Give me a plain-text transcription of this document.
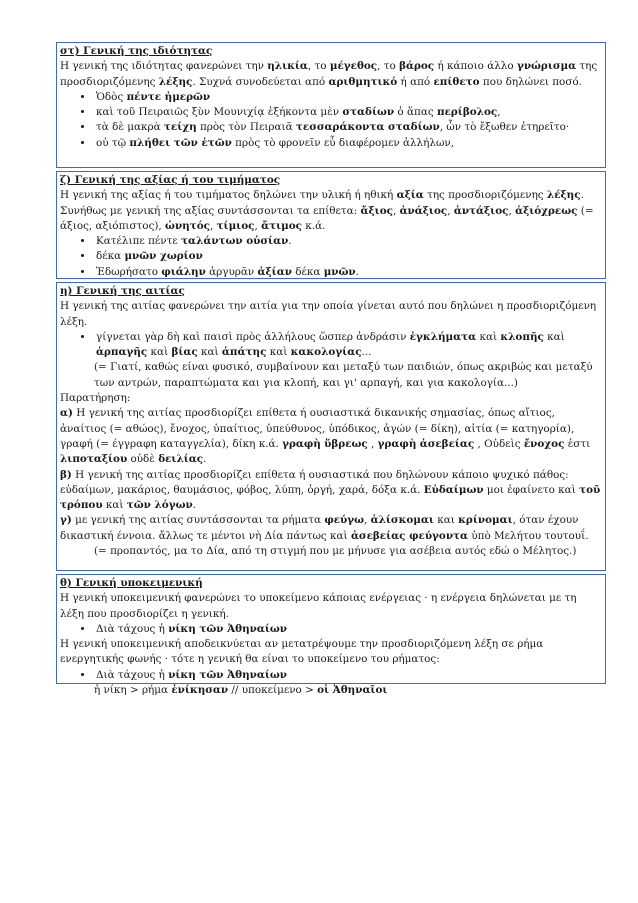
στ) Γενική της ιδιότητας

Η γενική της ιδιότητας φανερώνει την ηλικία, το μέγεθος, το βάρος ή κάποιο άλλο γνώρισμα της προσδιοριζόμενης λέξης. Συχνά συνοδεύεται από αριθμητικό ή από επίθετο που δηλώνει ποσό.

• Ὁδὸς πέντε ἡμερῶν
• καὶ τοῦ Πειραιῶς ξὺν Μουνιχίᾳ ἑξήκοντα μὲν σταδίων ὁ ἅπας περίβολος,
• τὰ δὲ μακρὰ τείχη πρὸς τὸν Πειραιᾶ τεσσαράκοντα σταδίων, ὧν τὸ ἔξωθεν ἐτηρεῖτο·
• οὐ τῷ πλήθει τῶν ἐτῶν πρὸς τὸ φρονεῖν εὖ διαφέρομεν ἀλλήλων,
ζ) Γενική της αξίας ή του τιμήματος

Η γενική της αξίας ή του τιμήματος δηλώνει την υλική ή ηθική αξία της προσδιοριζόμενης λέξης. Συνήθως με γενική της αξίας συντάσσονται τα επίθετα: ἄξιος, ἀνάξιος, ἀντάξιος, ἀξιόχρεως (= άξιος, αξιόπιστος), ὠνητός, τίμιος, ἄτιμος κ.ά.

• Κατέλιπε πέντε ταλάντων οὐσίαν.
• δέκα μνῶν χωρίον
• Ἐδωρήσατο φιάλην ἀργυρᾶν ἀξίαν δέκα μνῶν.
η) Γενική της αιτίας

Η γενική της αιτίας φανερώνει την αιτία για την οποία γίνεται αυτό που δηλώνει η προσδιοριζόμενη λέξη.

• γίγνεται γὰρ δὴ καὶ παισὶ πρὸς ἀλλήλους ὥσπερ ἀνδράσιν ἐγκλήματα καὶ κλοπῆς καὶ ἁρπαγῆς καὶ βίας καὶ ἀπάτης καὶ κακολογίας...

(= Γιατί, καθώς είναι φυσικό, συμβαίνουν και μεταξύ των παιδιών, όπως ακριβώς και μεταξύ των αντρών, παραπτώματα και για κλοπή, και γι' αρπαγή, και για κακολογία...)

Παρατήρηση:

α) Η γενική της αιτίας προσδιορίζει επίθετα ή ουσιαστικά δικανικής σημασίας, όπως αἴτιος, ἀναίτιος (= αθώος), ἔνοχος, ὑπαίτιος, ὑπεύθυνος, ὑπόδικος, ἀγών (= δίκη), αἰτία (= κατηγορία), γραφή (= έγγραφη καταγγελία), δίκη κ.ά. γραφὴ ὕβρεως , γραφὴ ἀσεβείας , Οὐδεὶς ἔνοχος ἐστι λιποταξίου οὐδὲ δειλίας.

β) Η γενική της αιτίας προσδιορίζει επίθετα ή ουσιαστικά που δηλώνουν κάποιο ψυχικό πάθος: εὐδαίμων, μακάριος, θαυμάσιος, φόβος, λύπη, ὀργή, χαρά, δόξα κ.ά. Εὐδαίμων μοι ἐφαίνετο καὶ τοῦ τρόπου καὶ τῶν λόγων.

γ) με γενική της αιτίας συντάσσονται τα ρήματα φεύγω, ἁλίσκομαι και κρίνομαι, όταν έχουν δικαστική έννοια. ἄλλως τε μέντοι νὴ Δία πάντως καὶ ἀσεβείας φεύγοντα ὑπὸ Μελήτου τουτουΐ.

(= προπαντός, μα το Δία, από τη στιγμή που με μήνυσε για ασέβεια αυτός εδώ ο Μέλητος.)

θ) Γενική υποκειμενική

Η γενική υποκειμενική φανερώνει το υποκείμενο κάποιας ενέργειας · η ενέργεια δηλώνεται με τη λέξη που προσδιορίζει η γενική.

• Διὰ τάχους ἡ νίκη τῶν Ἀθηναίων

Η γενική υποκειμενική αποδεικνύεται αν μετατρέψουμε την προσδιοριζόμενη λέξη σε ρήμα ενεργητικής φωνής · τότε η γενική θα είναι το υποκείμενο του ρήματος:

• Διὰ τάχους ἡ νίκη τῶν Ἀθηναίων

ἡ νίκη > ρήμα ἐνίκησαν // υποκείμενο > οἱ Ἀθηναῖοι
